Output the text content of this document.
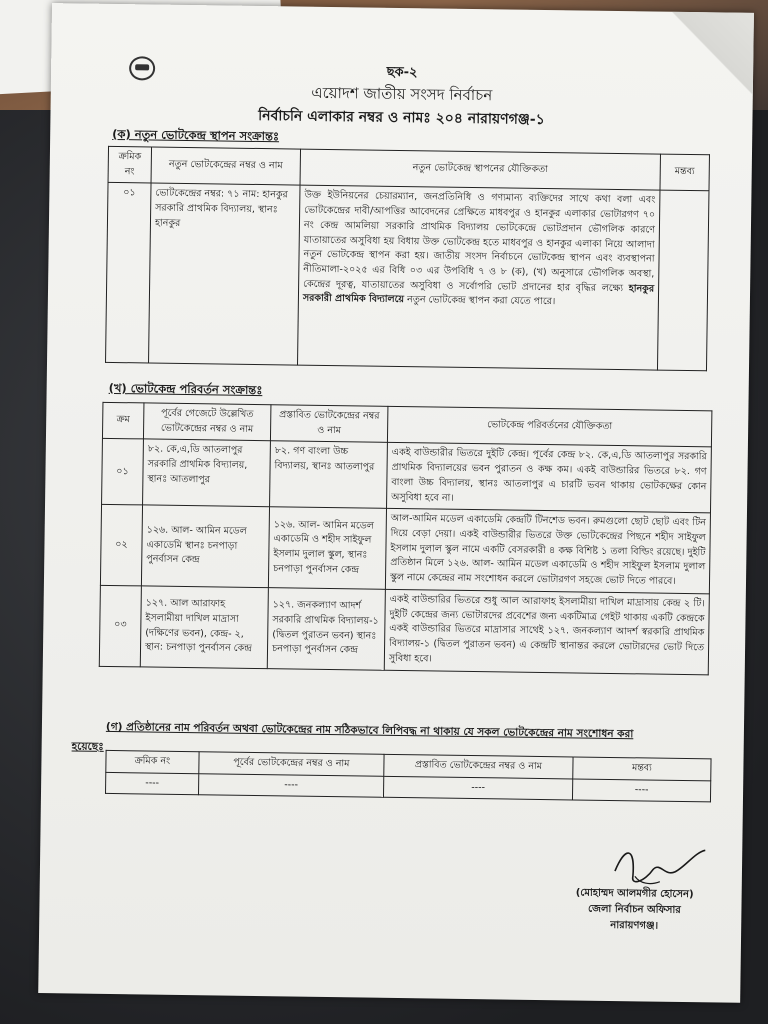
ছক-২
এয়োদশ জাতীয় সংসদ নির্বাচন
নির্বাচনি এলাকার নম্বর ও নামঃ ২০৪ নারায়ণগঞ্জ-১
(ক) নতুন ভোটকেন্দ্র স্থাপন সংক্রান্তঃ
ক্রমিক নং	নতুন ভোটকেন্দ্রের নম্বর ও নাম	নতুন ভোটকেন্দ্র স্থাপনের যৌক্তিকতা	মন্তব্য
০১	ভোটকেন্দ্রের নম্বর: ৭১ নাম: হানকুর সরকারি প্রাথমিক বিদ্যালয়, স্থানঃ হানকুর	উক্ত ইউনিয়নের চেয়ারম্যান, জনপ্রতিনিধি ও গণ্যমান্য ব্যক্তিদের সাথে কথা বলা এবং ভোটকেন্দ্রের দাবী/আপত্তির আবেদনের প্রেক্ষিতে মাধবপুর ও হানকুর এলাকার ভোটারগণ ৭০ নং কেন্দ্র আমলিয়া সরকারি প্রাথমিক বিদ্যালয় ভোটকেন্দ্রে ভোটপ্রদান ভৌগলিক কারণে যাতায়াতের অসুবিধা হয় বিধায় উক্ত ভোটকেন্দ্র হতে মাধবপুর ও হানকুর এলাকা নিয়ে আলাদা নতুন ভোটকেন্দ্র স্থাপন করা হয়। জাতীয় সংসদ নির্বাচনে ভোটকেন্দ্র স্থাপন এবং ব্যবস্থাপনা নীতিমালা-২০২৫ এর বিধি ০৩ এর উপবিধি ৭ ও ৮ (ক), (খ) অনুসারে ভৌগলিক অবস্থা, কেন্দ্রের দূরত্ব, যাতায়াতের অসুবিধা ও সর্বোপরি ভোট প্রদানের হার বৃদ্ধির লক্ষ্যে হানকুর সরকারী প্রাথমিক বিদ্যালয়ে নতুন ভোটকেন্দ্র স্থাপন করা যেতে পারে।	
(খ) ভোটকেন্দ্র পরিবর্তন সংক্রান্তঃ
ক্রম	পূর্বের গেজেটে উল্লেখিত ভোটকেন্দ্রের নম্বর ও নাম	প্রস্তাবিত ভোটকেন্দ্রের নম্বর ও নাম	ভোটকেন্দ্র পরিবর্তনের যৌক্তিকতা
০১	৮২. কে,এ,ডি আতলাপুর সরকারি প্রাথমিক বিদ্যালয়, স্থানঃ আতলাপুর	৮২. গণ বাংলা উচ্চ বিদ্যালয়, স্থানঃ আতলাপুর	একই বাউন্ডারীর ভিতরে দুইটি কেন্দ্র। পূর্বের কেন্দ্র ৮২. কে,এ,ডি আতলাপুর সরকারি প্রাথমিক বিদ্যালয়ের ভবন পুরাতন ও কক্ষ কম। একই বাউন্ডারির ভিতরে ৮২. গণ বাংলা উচ্চ বিদ্যালয়, স্থানঃ আতলাপুর এ চারটি ভবন থাকায় ভোটকক্ষের কোন অসুবিধা হবে না।
০২	১২৬. আল- আমিন মডেল একাডেমি স্থানঃ চনপাড়া পুনর্বাসন কেন্দ্র	১২৬. আল- আমিন মডেল একাডেমি ও শহীদ সাইফুল ইসলাম দুলাল স্কুল, স্থানঃ চনপাড়া পুনর্বাসন কেন্দ্র	আল-আমিন মডেল একাডেমি কেন্দ্রটি টিনশেড ভবন। রুমগুলো ছোট ছোট এবং টিন দিয়ে বেড়া দেয়া। একই বাউন্ডারীর ভিতরে উক্ত ভোটকেন্দ্রের পিছনে শহীদ সাইফুল ইসলাম দুলাল স্কুল নামে একটি বেসরকারী ৪ কক্ষ বিশিষ্ট ১ তলা বিল্ডিং রয়েছে। দুইটি প্রতিষ্ঠান মিলে ১২৬. আল- আমিন মডেল একাডেমি ও শহীদ সাইফুল ইসলাম দুলাল স্কুল নামে কেন্দ্রের নাম সংশোধন করলে ভোটারগণ সহজে ভোট দিতে পারবে।
০৩	১২৭. আল আরাফাহ ইসলামীয়া দাখিল মাদ্রাসা (দক্ষিণের ভবন), কেন্দ্র- ২, স্থান: চনপাড়া পুনর্বাসন কেন্দ্র	১২৭. জনকল্যাণ আদর্শ সরকারি প্রাথমিক বিদ্যালয়-১ (দ্বিতল পুরাতন ভবন) স্থানঃ চনপাড়া পুনর্বাসন কেন্দ্র	একই বাউন্ডারির ভিতরে শুধু আল আরাফাহ ইসলামীয়া দাখিল মাদ্রাসায় কেন্দ্র ২ টি। দুইটি কেন্দ্রের জন্য ভোটারদের প্রবেশের জন্য একটিমাত্র গেইট থাকায় একটি কেন্দ্রকে একই বাউন্ডারির ভিতরে মাদ্রাসার সাথেই ১২৭. জনকল্যাণ আদর্শ স্বরকারি প্রাথমিক বিদ্যালয়-১ (দ্বিতল পুরাতন ভবন) এ কেন্দ্রটি স্থানান্তর করলে ভোটারদের ভোট দিতে সুবিধা হবে।
(গ) প্রতিষ্ঠানের নাম পরিবর্তন অথবা ভোটকেন্দ্রের নাম সঠিকভাবে লিপিবদ্ধ না থাকায় যে সকল ভোটকেন্দ্রের নাম সংশোধন করা
হয়েছেঃ
ক্রমিক নং	পূর্বের ভোটকেন্দ্রের নম্বর ও নাম	প্রস্তাবিত ভোটকেন্দ্রের নম্বর ও নাম	মন্তব্য
----	----	----	----
(মোহাম্মদ আলমগীর হোসেন)
জেলা নির্বাচন অফিসার
নারায়ণগঞ্জ।
